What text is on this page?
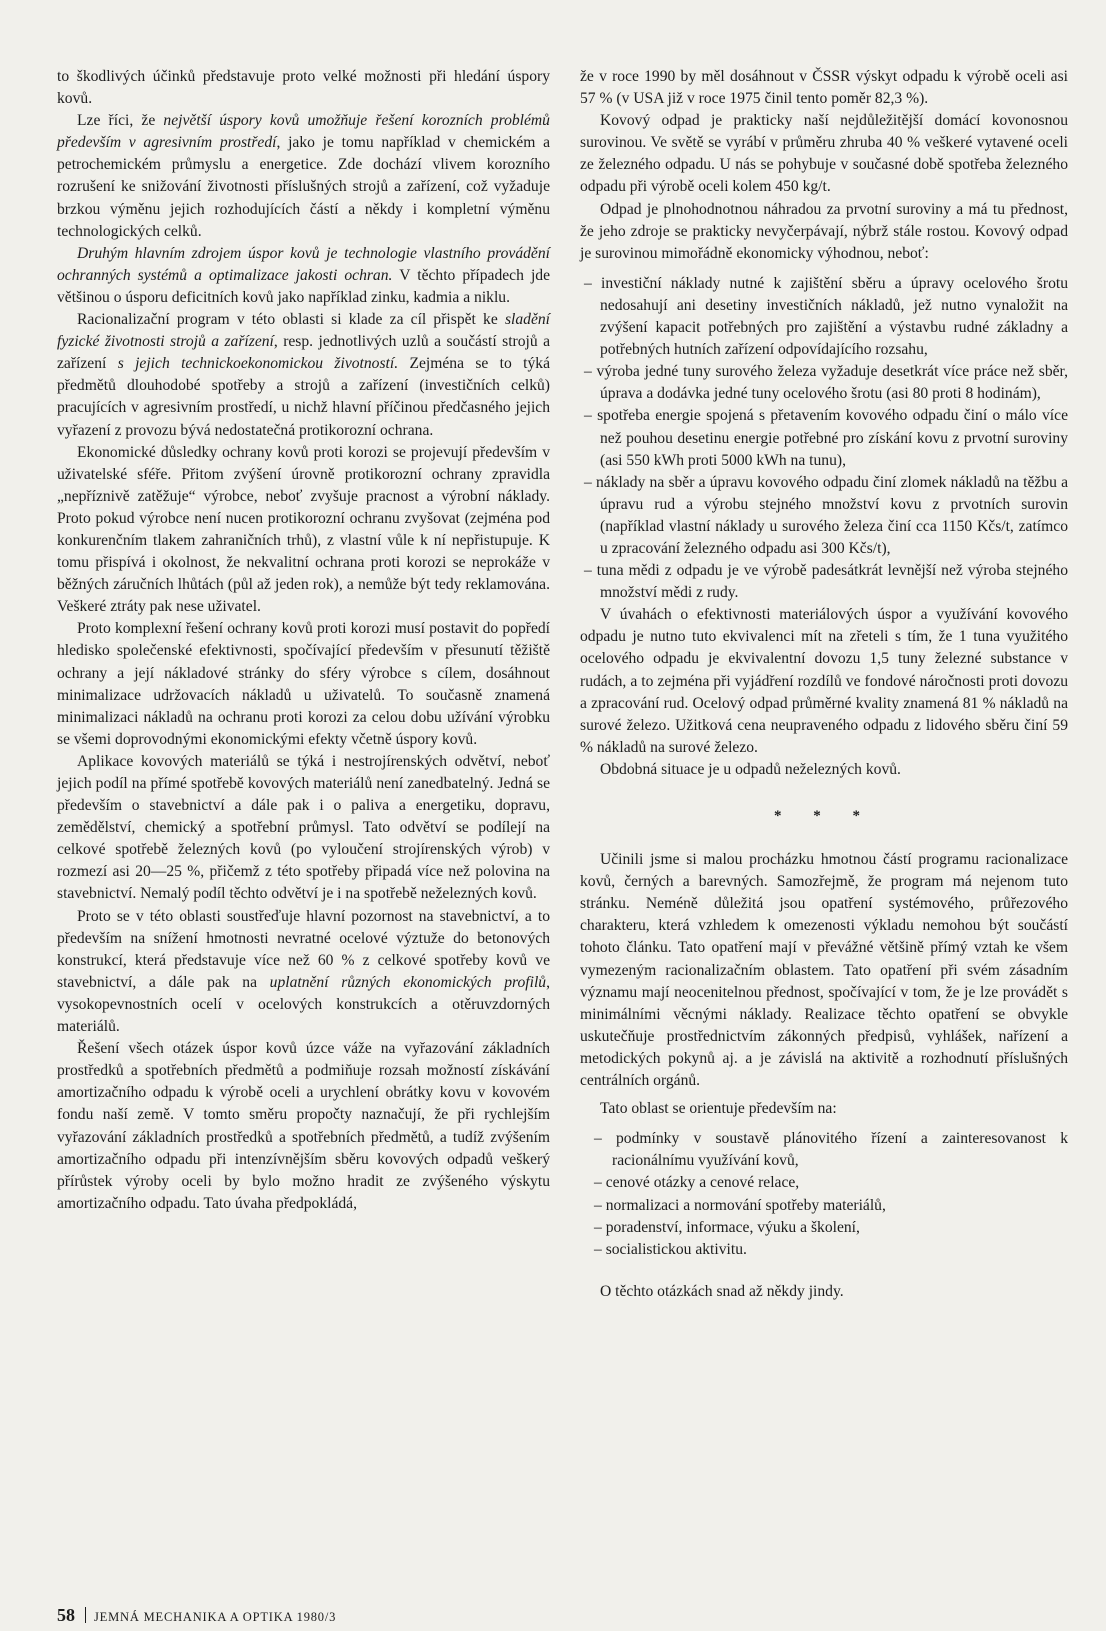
to škodlivých účinků představuje proto velké možnosti při hledání úspory kovů.

Lze říci, že největší úspory kovů umožňuje řešení korozních problémů především v agresivním prostředí, jako je tomu například v chemickém a petrochemickém průmyslu a energetice. Zde dochází vlivem korozního rozrušení ke snižování životnosti příslušných strojů a zařízení, což vyžaduje brzkou výměnu jejich rozhodujících částí a někdy i kompletní výměnu technologických celků.

Druhým hlavním zdrojem úspor kovů je technologie vlastního provádění ochranných systémů a optimalizace jakosti ochran. V těchto případech jde většinou o úsporu deficitních kovů jako například zinku, kadmia a niklu.

Racionalizační program v této oblasti si klade za cíl přispět ke sladění fyzické životnosti strojů a zařízení, resp. jednotlivých uzlů a součástí strojů a zařízení s jejich technickoekonomickou životností. Zejména se to týká předmětů dlouhodobé spotřeby a strojů a zařízení (investičních celků) pracujících v agresivním prostředí, u nichž hlavní příčinou předčasného jejich vyřazení z provozu bývá nedostatečná protikorozní ochrana.

Ekonomické důsledky ochrany kovů proti korozi se projevují především v uživatelské sféře. Přitom zvýšení úrovně protikorozní ochrany zpravidla „nepříznivě zatěžuje“ výrobce, neboť zvyšuje pracnost a výrobní náklady. Proto pokud výrobce není nucen protikorozní ochranu zvyšovat (zejména pod konkurenčním tlakem zahraničních trhů), z vlastní vůle k ní nepřistupuje. K tomu přispívá i okolnost, že nekvalitní ochrana proti korozi se neprokáže v běžných záručních lhůtách (půl až jeden rok), a nemůže být tedy reklamována. Veškeré ztráty pak nese uživatel.

Proto komplexní řešení ochrany kovů proti korozi musí postavit do popředí hledisko společenské efektivnosti, spočívající především v přesunutí těžiště ochrany a její nákladové stránky do sféry výrobce s cílem, dosáhnout minimalizace udržovacích nákladů u uživatelů. To současně znamená minimalizaci nákladů na ochranu proti korozi za celou dobu užívání výrobku se všemi doprovodnými ekonomickými efekty včetně úspory kovů.

Aplikace kovových materiálů se týká i nestrojírenských odvětví, neboť jejich podíl na přímé spotřebě kovových materiálů není zanedbatelný. Jedná se především o stavebnictví a dále pak i o paliva a energetiku, dopravu, zemědělství, chemický a spotřební průmysl. Tato odvětví se podílejí na celkové spotřebě železných kovů (po vyloučení strojírenských výrob) v rozmezí asi 20—25 %, přičemž z této spotřeby připadá více než polovina na stavebnictví. Nemalý podíl těchto odvětví je i na spotřebě neželezných kovů.

Proto se v této oblasti soustřeďuje hlavní pozornost na stavebnictví, a to především na snížení hmotnosti nevratné ocelové výztuže do betonových konstrukcí, která představuje více než 60 % z celkové spotřeby kovů ve stavebnictví, a dále pak na uplatnění různých ekonomických profilů, vysokopevnostních ocelí v ocelových konstrukcích a otěruvzdorných materiálů.

Řešení všech otázek úspor kovů úzce váže na vyřazování základních prostředků a spotřebních předmětů a podmiňuje rozsah možností získávání amortizačního odpadu k výrobě oceli a urychlení obrátky kovu v kovovém fondu naší země. V tomto směru propočty naznačují, že při rychlejším vyřazování základních prostředků a spotřebních předmětů, a tudíž zvýšením amortizačního odpadu při intenzívnějším sběru kovových odpadů veškerý přírůstek výroby oceli by bylo možno hradit ze zvýšeného výskytu amortizačního odpadu. Tato úvaha předpokládá,

že v roce 1990 by měl dosáhnout v ČSSR výskyt odpadu k výrobě oceli asi 57 % (v USA již v roce 1975 činil tento poměr 82,3 %).

Kovový odpad je prakticky naší nejdůležitější domácí kovonosnou surovinou. Ve světě se vyrábí v průměru zhruba 40 % veškeré vytavené oceli ze železného odpadu. U nás se pohybuje v současné době spotřeba železného odpadu při výrobě oceli kolem 450 kg/t.

Odpad je plnohodnotnou náhradou za prvotní suroviny a má tu přednost, že jeho zdroje se prakticky nevyčerpávají, nýbrž stále rostou. Kovový odpad je surovinou mimořádně ekonomicky výhodnou, neboť:

– investiční náklady nutné k zajištění sběru a úpravy ocelového šrotu nedosahují ani desetiny investičních nákladů, jež nutno vynaložit na zvýšení kapacit potřebných pro zajištění a výstavbu rudné základny a potřebných hutních zařízení odpovídajícího rozsahu,
– výroba jedné tuny surového železa vyžaduje desetkrát více práce než sběr, úprava a dodávka jedné tuny ocelového šrotu (asi 80 proti 8 hodinám),
– spotřeba energie spojená s přetavením kovového odpadu činí o málo více než pouhou desetinu energie potřebné pro získání kovu z prvotní suroviny (asi 550 kWh proti 5000 kWh na tunu),
– náklady na sběr a úpravu kovového odpadu činí zlomek nákladů na těžbu a úpravu rud a výrobu stejného množství kovu z prvotních surovin (například vlastní náklady u surového železa činí cca 1150 Kčs/t, zatímco u zpracování železného odpadu asi 300 Kčs/t),
– tuna mědi z odpadu je ve výrobě padesátkrát levnější než výroba stejného množství mědi z rudy.

V úvahách o efektivnosti materiálových úspor a využívání kovového odpadu je nutno tuto ekvivalenci mít na zřeteli s tím, že 1 tuna využitého ocelového odpadu je ekvivalentní dovozu 1,5 tuny železné substance v rudách, a to zejména při vyjádření rozdílů ve fondové náročnosti proti dovozu a zpracování rud. Ocelový odpad průměrné kvality znamená 81 % nákladů na surové železo. Užitková cena neupraveného odpadu z lidového sběru činí 59 % nákladů na surové železo.

Obdobná situace je u odpadů neželezných kovů.

* * *

Učinili jsme si malou procházku hmotnou částí programu racionalizace kovů, černých a barevných. Samozřejmě, že program má nejenom tuto stránku. Neméně důležitá jsou opatření systémového, průřezového charakteru, která vzhledem k omezenosti výkladu nemohou být součástí tohoto článku. Tato opatření mají v převážné většině přímý vztah ke všem vymezeným racionalizačním oblastem. Tato opatření při svém zásadním významu mají neocenitelnou přednost, spočívající v tom, že je lze provádět s minimálními věcnými náklady. Realizace těchto opatření se obvykle uskutečňuje prostřednictvím zákonných předpisů, vyhlášek, nařízení a metodických pokynů aj. a je závislá na aktivitě a rozhodnutí příslušných centrálních orgánů.

Tato oblast se orientuje především na:

– podmínky v soustavě plánovitého řízení a zainteresovanost k racionálnímu využívání kovů,
– cenové otázky a cenové relace,
– normalizaci a normování spotřeby materiálů,
– poradenství, informace, výuku a školení,
– socialistickou aktivitu.

O těchto otázkách snad až někdy jindy.

58 JEMNÁ MECHANIKA A OPTIKA 1980/3
